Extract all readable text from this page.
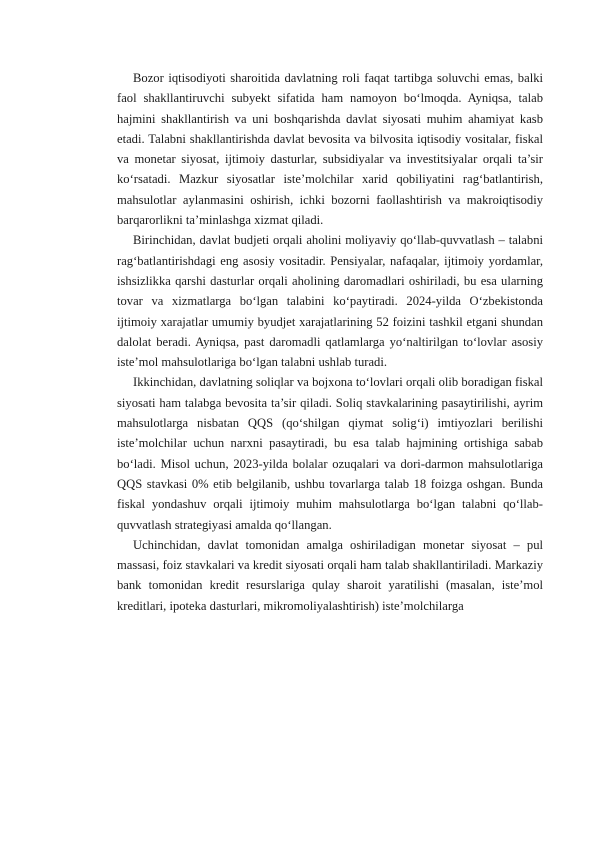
Bozor iqtisodiyoti sharoitida davlatning roli faqat tartibga soluvchi emas, balki faol shakllantiruvchi subyekt sifatida ham namoyon bo‘lmoqda. Ayniqsa, talab hajmini shakllantirish va uni boshqarishda davlat siyosati muhim ahamiyat kasb etadi. Talabni shakllantirishda davlat bevosita va bilvosita iqtisodiy vositalar, fiskal va monetar siyosat, ijtimoiy dasturlar, subsidiyalar va investitsiyalar orqali ta’sir ko‘rsatadi. Mazkur siyosatlar iste’molchilar xarid qobiliyatini rag‘batlantirish, mahsulotlar aylanmasini oshirish, ichki bozorni faollashtirish va makroiqtisodiy barqarorlikni ta’minlashga xizmat qiladi.

Birinchidan, davlat budjeti orqali aholini moliyaviy qo‘llab-quvvatlash – talabni rag‘batlantirishdagi eng asosiy vositadir. Pensiyalar, nafaqalar, ijtimoiy yordamlar, ishsizlikka qarshi dasturlar orqali aholining daromadlari oshiriladi, bu esa ularning tovar va xizmatlarga bo‘lgan talabini ko‘paytiradi. 2024-yilda O‘zbekistonda ijtimoiy xarajatlar umumiy byudjet xarajatlarining 52 foizini tashkil etgani shundan dalolat beradi. Ayniqsa, past daromadli qatlamlarga yo‘naltirilgan to‘lovlar asosiy iste’mol mahsulotlariga bo‘lgan talabni ushlab turadi.

Ikkinchidan, davlatning soliqlar va bojxona to‘lovlari orqali olib boradigan fiskal siyosati ham talabga bevosita ta’sir qiladi. Soliq stavkalarining pasaytirilishi, ayrim mahsulotlarga nisbatan QQS (qo‘shilgan qiymat solig‘i) imtiyozlari berilishi iste’molchilar uchun narxni pasaytiradi, bu esa talab hajmining ortishiga sabab bo‘ladi. Misol uchun, 2023-yilda bolalar ozuqalari va dori-darmon mahsulotlariga QQS stavkasi 0% etib belgilanib, ushbu tovarlarga talab 18 foizga oshgan. Bunda fiskal yondashuv orqali ijtimoiy muhim mahsulotlarga bo‘lgan talabni qo‘llab-quvvatlash strategiyasi amalda qo‘llangan.

Uchinchidan, davlat tomonidan amalga oshiriladigan monetar siyosat – pul massasi, foiz stavkalari va kredit siyosati orqali ham talab shakllantiriladi. Markaziy bank tomonidan kredit resurslariga qulay sharoit yaratilishi (masalan, iste’mol kreditlari, ipoteka dasturlari, mikromoliyalashtirish) iste’molchilarga
